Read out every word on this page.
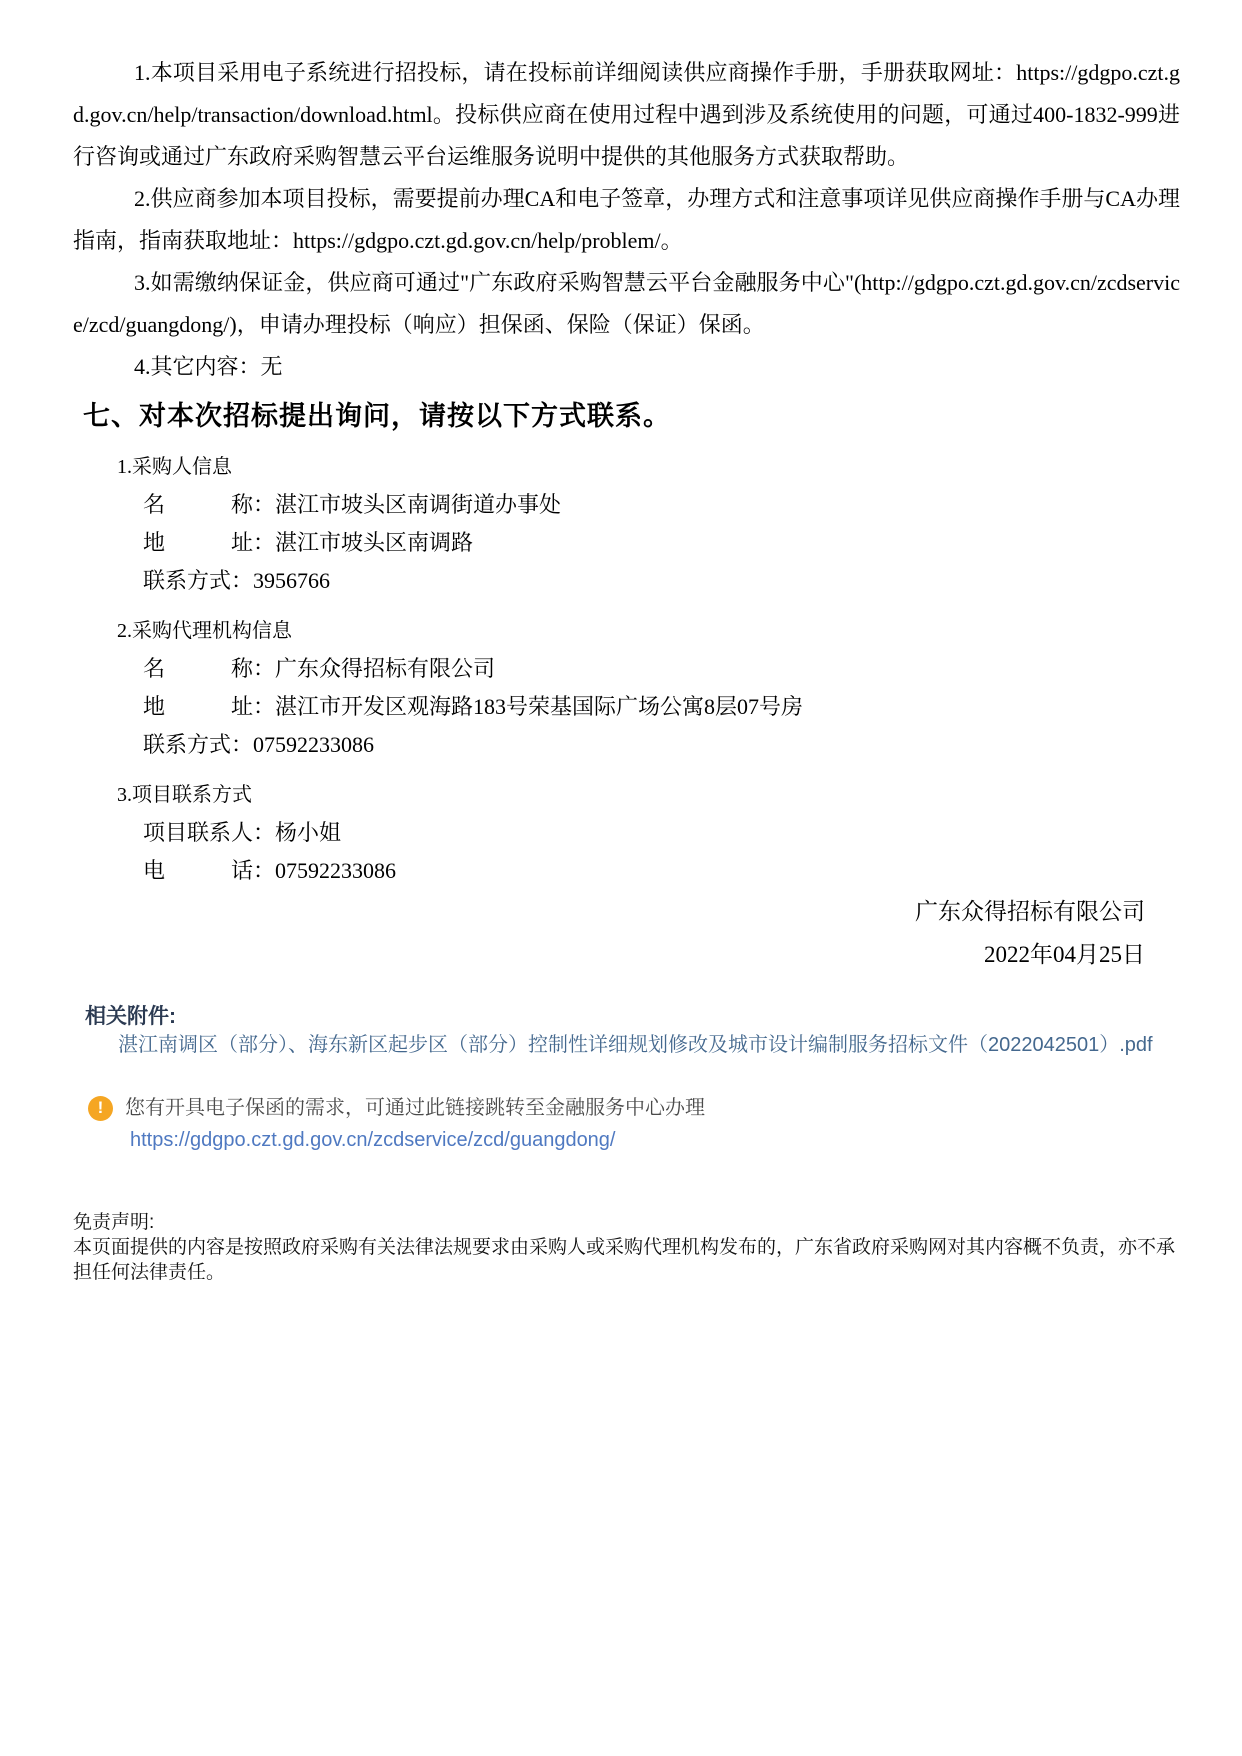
1.本项目采用电子系统进行招投标，请在投标前详细阅读供应商操作手册，手册获取网址：https://gdgpo.czt.gd.gov.cn/help/transaction/download.html。投标供应商在使用过程中遇到涉及系统使用的问题，可通过400-1832-999进行咨询或通过广东政府采购智慧云平台运维服务说明中提供的其他服务方式获取帮助。

2.供应商参加本项目投标，需要提前办理CA和电子签章，办理方式和注意事项详见供应商操作手册与CA办理指南，指南获取地址：https://gdgpo.czt.gd.gov.cn/help/problem/。

3.如需缴纳保证金，供应商可通过"广东政府采购智慧云平台金融服务中心"(http://gdgpo.czt.gd.gov.cn/zcdservice/zcd/guangdong/)，申请办理投标（响应）担保函、保险（保证）保函。

4.其它内容：无

七、对本次招标提出询问，请按以下方式联系。

1.采购人信息

名　　　称：湛江市坡头区南调街道办事处

地　　　址：湛江市坡头区南调路

联系方式：3956766

2.采购代理机构信息

名　　　称：广东众得招标有限公司

地　　　址：湛江市开发区观海路183号荣基国际广场公寓8层07号房

联系方式：07592233086

3.项目联系方式

项目联系人：杨小姐

电　　　话：07592233086

广东众得招标有限公司

2022年04月25日

相关附件:
湛江南调区（部分）、海东新区起步区（部分）控制性详细规划修改及城市设计编制服务招标文件（2022042501）.pdf
!	您有开具电子保函的需求，可通过此链接跳转至金融服务中心办理
https://gdgpo.czt.gd.gov.cn/zcdservice/zcd/guangdong/
免责声明:
本页面提供的内容是按照政府采购有关法律法规要求由采购人或采购代理机构发布的，广东省政府采购网对其内容概不负责，亦不承担任何法律责任。
